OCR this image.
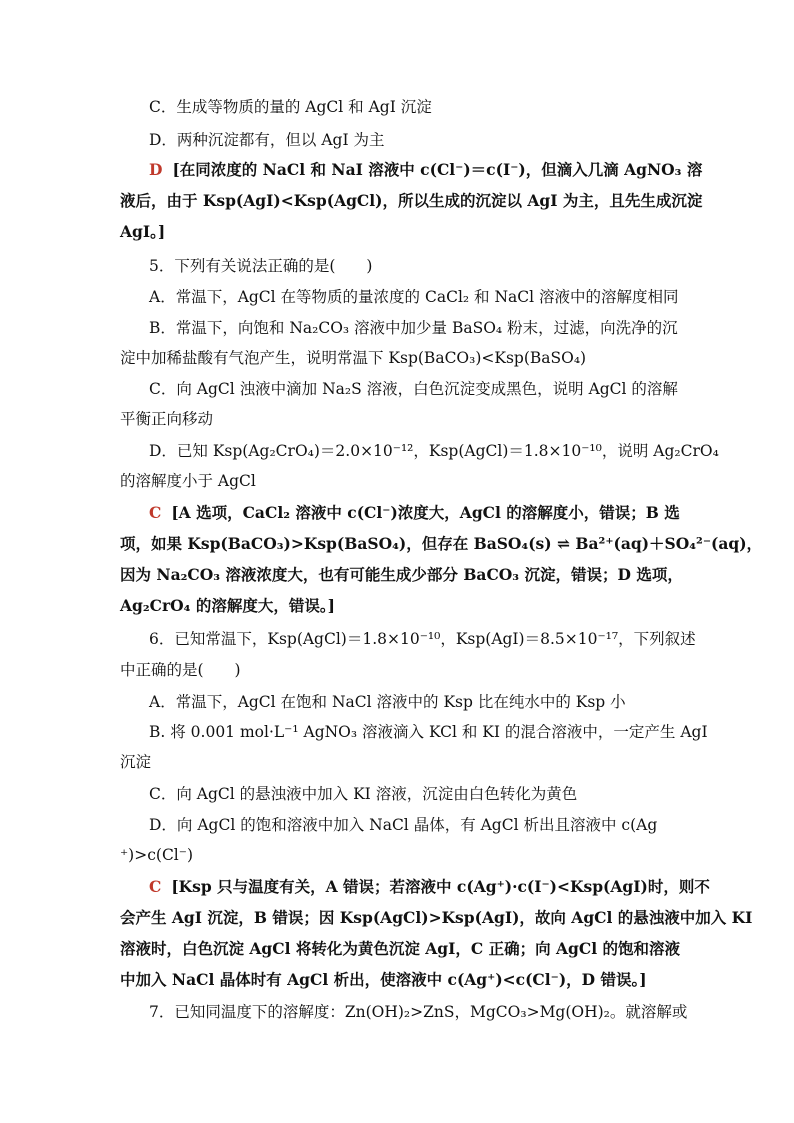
C．生成等物质的量的 AgCl 和 AgI 沉淀
D．两种沉淀都有，但以 AgI 为主
D [在同浓度的 NaCl 和 NaI 溶液中 c(Cl⁻)＝c(I⁻)，但滴入几滴 AgNO₃ 溶
液后，由于 Ksp(AgI)<Ksp(AgCl)，所以生成的沉淀以 AgI 为主，且先生成沉淀
AgI。]
5．下列有关说法正确的是(　　)
A．常温下，AgCl 在等物质的量浓度的 CaCl₂ 和 NaCl 溶液中的溶解度相同
B．常温下，向饱和 Na₂CO₃ 溶液中加少量 BaSO₄ 粉末，过滤，向洗净的沉
淀中加稀盐酸有气泡产生，说明常温下 Ksp(BaCO₃)<Ksp(BaSO₄)
C．向 AgCl 浊液中滴加 Na₂S 溶液，白色沉淀变成黑色，说明 AgCl 的溶解
平衡正向移动
D．已知 Ksp(Ag₂CrO₄)＝2.0×10⁻¹²，Ksp(AgCl)＝1.8×10⁻¹⁰，说明 Ag₂CrO₄
的溶解度小于 AgCl
C [A 选项，CaCl₂ 溶液中 c(Cl⁻)浓度大，AgCl 的溶解度小，错误；B 选
项，如果 Ksp(BaCO₃)>Ksp(BaSO₄)，但存在 BaSO₄(s) ⇌ Ba²⁺(aq)＋SO₄²⁻(aq)，
因为 Na₂CO₃ 溶液浓度大，也有可能生成少部分 BaCO₃ 沉淀，错误；D 选项，
Ag₂CrO₄ 的溶解度大，错误。]
6．已知常温下，Ksp(AgCl)＝1.8×10⁻¹⁰，Ksp(AgI)＝8.5×10⁻¹⁷，下列叙述
中正确的是(　　)
A．常温下，AgCl 在饱和 NaCl 溶液中的 Ksp 比在纯水中的 Ksp 小
B. 将 0.001 mol·L⁻¹ AgNO₃ 溶液滴入 KCl 和 KI 的混合溶液中，一定产生 AgI
沉淀
C．向 AgCl 的悬浊液中加入 KI 溶液，沉淀由白色转化为黄色
D．向 AgCl 的饱和溶液中加入 NaCl 晶体，有 AgCl 析出且溶液中 c(Ag
⁺)>c(Cl⁻)
C [Ksp 只与温度有关，A 错误；若溶液中 c(Ag⁺)·c(I⁻)<Ksp(AgI)时，则不
会产生 AgI 沉淀，B 错误；因 Ksp(AgCl)>Ksp(AgI)，故向 AgCl 的悬浊液中加入 KI
溶液时，白色沉淀 AgCl 将转化为黄色沉淀 AgI，C 正确；向 AgCl 的饱和溶液
中加入 NaCl 晶体时有 AgCl 析出，使溶液中 c(Ag⁺)<c(Cl⁻)，D 错误。]
7．已知同温度下的溶解度：Zn(OH)₂>ZnS，MgCO₃>Mg(OH)₂。就溶解或
